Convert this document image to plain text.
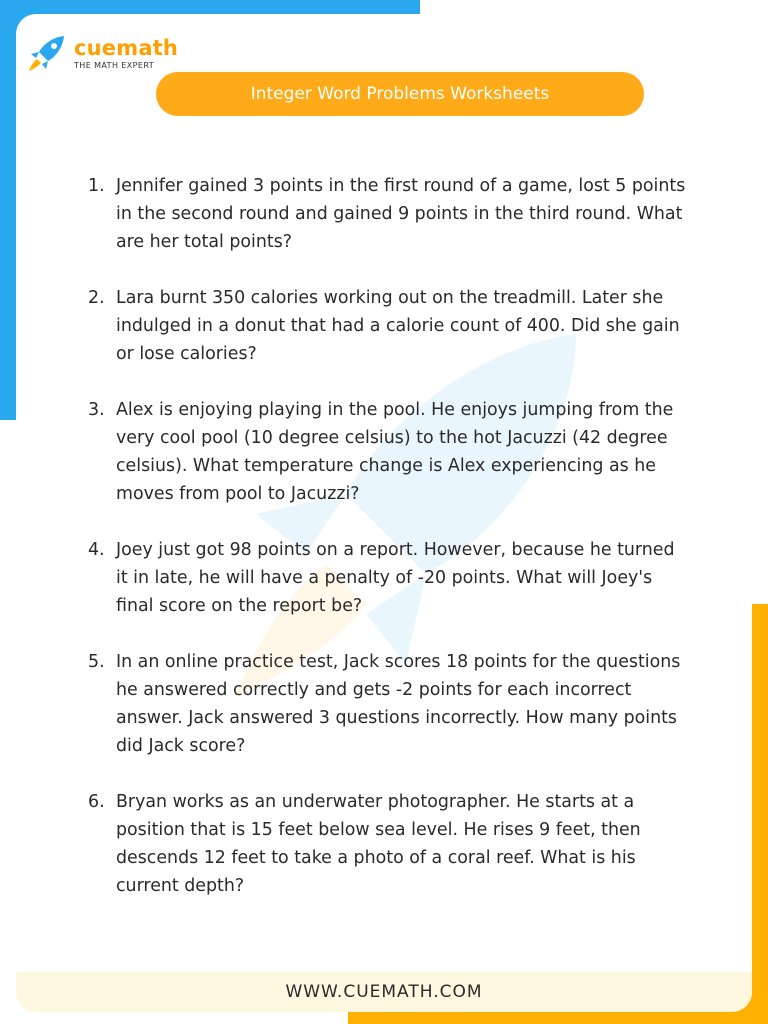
cuemath
THE MATH EXPERT
Integer Word Problems Worksheets
1. Jennifer gained 3 points in the first round of a game, lost 5 points in the second round and gained 9 points in the third round. What are her total points?
2. Lara burnt 350 calories working out on the treadmill. Later she indulged in a donut that had a calorie count of 400. Did she gain or lose calories?
3. Alex is enjoying playing in the pool. He enjoys jumping from the very cool pool (10 degree celsius) to the hot Jacuzzi (42 degree celsius). What temperature change is Alex experiencing as he moves from pool to Jacuzzi?
4. Joey just got 98 points on a report. However, because he turned it in late, he will have a penalty of -20 points. What will Joey's final score on the report be?
5. In an online practice test, Jack scores 18 points for the questions he answered correctly and gets -2 points for each incorrect answer. Jack answered 3 questions incorrectly. How many points did Jack score?
6. Bryan works as an underwater photographer. He starts at a position that is 15 feet below sea level. He rises 9 feet, then descends 12 feet to take a photo of a coral reef. What is his current depth?
WWW.CUEMATH.COM
